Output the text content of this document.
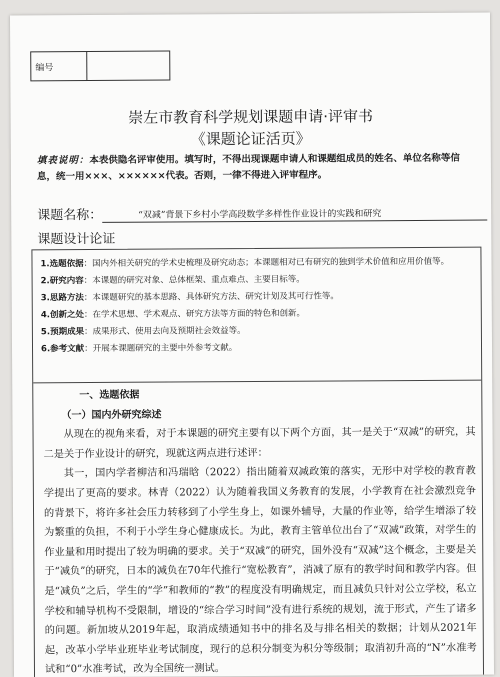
编号
崇左市教育科学规划课题申请·评审书
《课题论证活页》
填表说明：本表供隐名评审使用。填写时，不得出现课题申请人和课题组成员的姓名、单位名称等信息，统一用×××、××××××代表。否则，一律不得进入评审程序。
课题名称：	“双减”背景下乡村小学高段数学多样性作业设计的实践和研究
课题设计论证
1.选题依据：国内外相关研究的学术史梳理及研究动态；本课题相对已有研究的独到学术价值和应用价值等。
2.研究内容：本课题的研究对象、总体框架、重点难点、主要目标等。
3.思路方法：本课题研究的基本思路、具体研究方法、研究计划及其可行性等。
4.创新之处：在学术思想、学术观点、研究方法等方面的特色和创新。
5.预期成果：成果形式、使用去向及预期社会效益等。
6.参考文献：开展本课题研究的主要中外参考文献。
一、选题依据
（一）国内外研究综述

从现在的视角来看，对于本课题的研究主要有以下两个方面，其一是关于“双减”的研究，其二是关于作业设计的研究，现就这两点进行述评：

其一，国内学者柳洁和冯瑞晗（2022）指出随着双减政策的落实，无形中对学校的教育教学提出了更高的要求。林青（2022）认为随着我国义务教育的发展，小学教育在社会激烈竞争的背景下，将许多社会压力转移到了小学生身上，如课外辅导，大量的作业等，给学生增添了较为繁重的负担，不利于小学生身心健康成长。为此，教育主管单位出台了“双减”政策，对学生的作业量和用时提出了较为明确的要求。关于“双减”的研究，国外没有“双减”这个概念，主要是关于“减负”的研究，日本的减负在70年代推行“宽松教育”，消减了原有的教学时间和教学内容。但是“减负”之后，学生的“学”和教师的“教”的程度没有明确规定，而且减负只针对公立学校，私立学校和辅导机构不受限制，增设的“综合学习时间”没有进行系统的规划，流于形式，产生了诸多的问题。新加坡从2019年起，取消成绩通知书中的排名及与排名相关的数据；计划从2021年起，改革小学毕业班毕业考试制度，现行的总积分制变为积分等级制；取消初升高的“N”水准考试和“0”水准考试，改为全国统一测试。
